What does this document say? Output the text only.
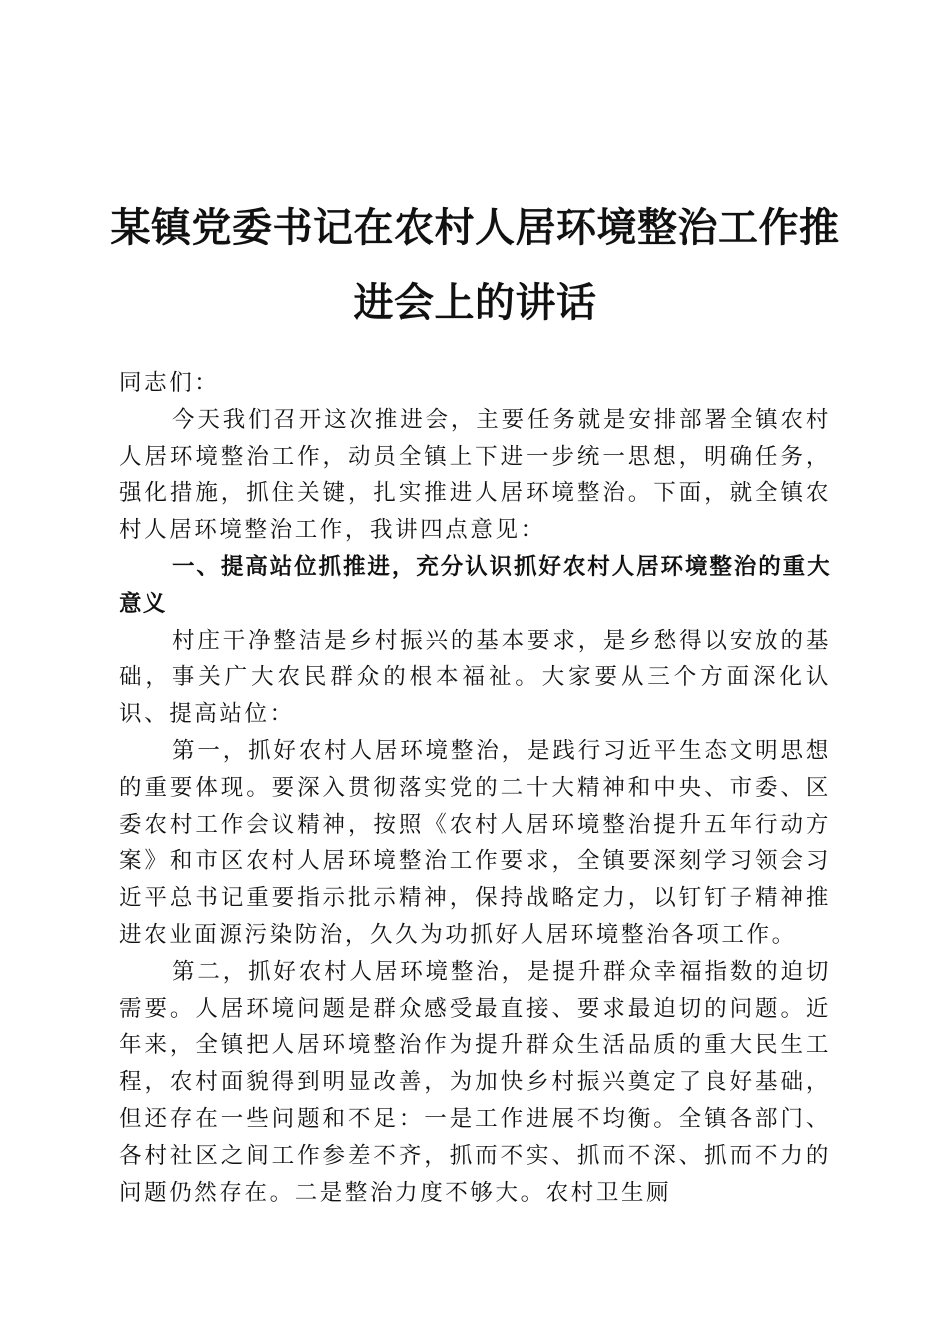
某镇党委书记在农村人居环境整治工作推进会上的讲话

同志们：

今天我们召开这次推进会，主要任务就是安排部署全镇农村人居环境整治工作，动员全镇上下进一步统一思想，明确任务，强化措施，抓住关键，扎实推进人居环境整治。下面，就全镇农村人居环境整治工作，我讲四点意见：

一、提高站位抓推进，充分认识抓好农村人居环境整治的重大意义

村庄干净整洁是乡村振兴的基本要求，是乡愁得以安放的基础，事关广大农民群众的根本福祉。大家要从三个方面深化认识、提高站位：

第一，抓好农村人居环境整治，是践行习近平生态文明思想的重要体现。要深入贯彻落实党的二十大精神和中央、市委、区委农村工作会议精神，按照《农村人居环境整治提升五年行动方案》和市区农村人居环境整治工作要求，全镇要深刻学习领会习近平总书记重要指示批示精神，保持战略定力，以钉钉子精神推进农业面源污染防治，久久为功抓好人居环境整治各项工作。

第二，抓好农村人居环境整治，是提升群众幸福指数的迫切需要。人居环境问题是群众感受最直接、要求最迫切的问题。近年来，全镇把人居环境整治作为提升群众生活品质的重大民生工程，农村面貌得到明显改善，为加快乡村振兴奠定了良好基础，但还存在一些问题和不足：一是工作进展不均衡。全镇各部门、各村社区之间工作参差不齐，抓而不实、抓而不深、抓而不力的问题仍然存在。二是整治力度不够大。农村卫生厕
